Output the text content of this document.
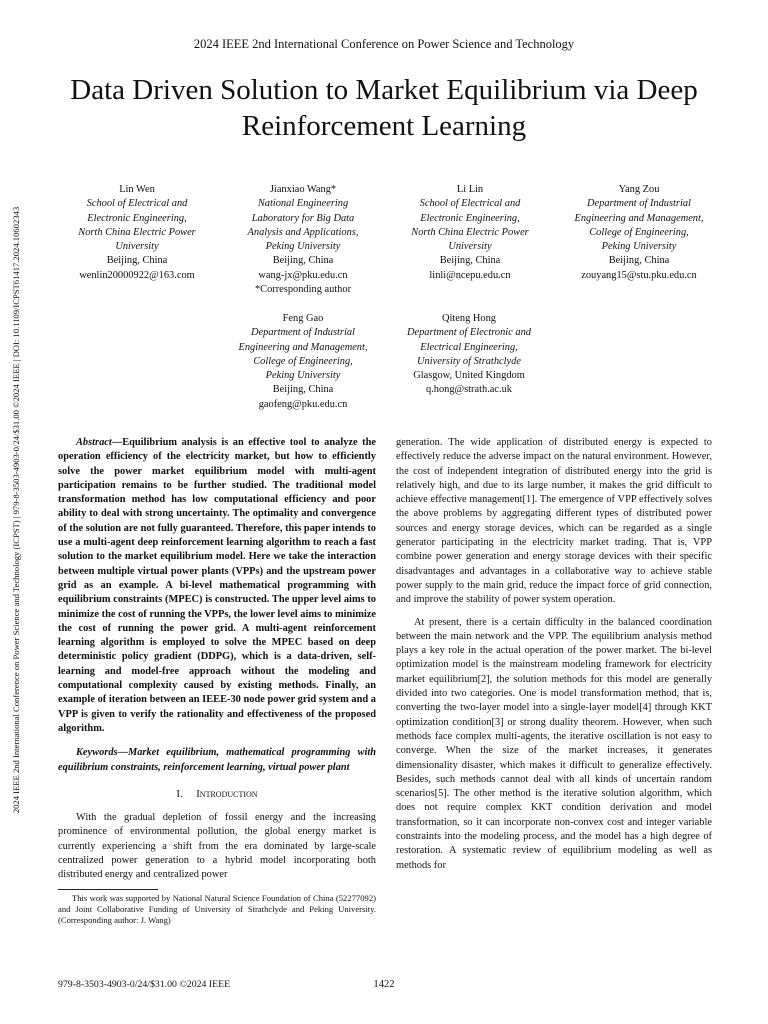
2024 IEEE 2nd International Conference on Power Science and Technology
2024 IEEE 2nd International Conference on Power Science and Technology (ICPST) | 979-8-3503-4903-0/24/$31.00 ©2024 IEEE | DOI: 10.1109/ICPST61417.2024.10602343
Data Driven Solution to Market Equilibrium via Deep
Reinforcement Learning
Lin Wen
School of Electrical and
Electronic Engineering,
North China Electric Power
University
Beijing, China
wenlin20000922@163.com
Jianxiao Wang*
National Engineering
Laboratory for Big Data
Analysis and Applications,
Peking University
Beijing, China
wang-jx@pku.edu.cn
*Corresponding author
Li Lin
School of Electrical and
Electronic Engineering,
North China Electric Power
University
Beijing, China
linli@ncepu.edu.cn
Yang Zou
Department of Industrial
Engineering and Management,
College of Engineering,
Peking University
Beijing, China
zouyang15@stu.pku.edu.cn
Feng Gao
Department of Industrial
Engineering and Management,
College of Engineering,
Peking University
Beijing, China
gaofeng@pku.edu.cn
Qiteng Hong
Department of Electronic and
Electrical Engineering,
University of Strathclyde
Glasgow, United Kingdom
q.hong@strath.ac.uk

Abstract—Equilibrium analysis is an effective tool to analyze the operation efficiency of the electricity market, but how to efficiently solve the power market equilibrium model with multi-agent participation remains to be further studied. The traditional model transformation method has low computational efficiency and poor ability to deal with strong uncertainty. The optimality and convergence of the solution are not fully guaranteed. Therefore, this paper intends to use a multi-agent deep reinforcement learning algorithm to reach a fast solution to the market equilibrium model. Here we take the interaction between multiple virtual power plants (VPPs) and the upstream power grid as an example. A bi-level mathematical programming with equilibrium constraints (MPEC) is constructed. The upper level aims to minimize the cost of running the VPPs, the lower level aims to minimize the cost of running the power grid. A multi-agent reinforcement learning algorithm is employed to solve the MPEC based on deep deterministic policy gradient (DDPG), which is a data-driven, self-learning and model-free approach without the modeling and computational complexity caused by existing methods. Finally, an example of iteration between an IEEE-30 node power grid system and a VPP is given to verify the rationality and effectiveness of the proposed algorithm.

Keywords—Market equilibrium, mathematical programming with equilibrium constraints, reinforcement learning, virtual power plant

I. Introduction

With the gradual depletion of fossil energy and the increasing prominence of environmental pollution, the global energy market is currently experiencing a shift from the era dominated by large-scale centralized power generation to a hybrid model incorporating both distributed energy and centralized power

This work was supported by National Natural Science Foundation of China (52277092) and Joint Collaborative Funding of University of Strathclyde and Peking University. (Corresponding author: J. Wang)

generation. The wide application of distributed energy is expected to effectively reduce the adverse impact on the natural environment. However, the cost of independent integration of distributed energy into the grid is relatively high, and due to its large number, it makes the grid difficult to achieve effective management[1]. The emergence of VPP effectively solves the above problems by aggregating different types of distributed power sources and energy storage devices, which can be regarded as a single generator participating in the electricity market trading. That is, VPP combine power generation and energy storage devices with their specific disadvantages and advantages in a collaborative way to achieve stable power supply to the main grid, reduce the impact force of grid connection, and improve the stability of power system operation.

At present, there is a certain difficulty in the balanced coordination between the main network and the VPP. The equilibrium analysis method plays a key role in the actual operation of the power market. The bi-level optimization model is the mainstream modeling framework for electricity market equilibrium[2], the solution methods for this model are generally divided into two categories. One is model transformation method, that is, converting the two-layer model into a single-layer model[4] through KKT optimization condition[3] or strong duality theorem. However, when such methods face complex multi-agents, the iterative oscillation is not easy to converge. When the size of the market increases, it generates dimensionality disaster, which makes it difficult to generalize effectively. Besides, such methods cannot deal with all kinds of uncertain random scenarios[5]. The other method is the iterative solution algorithm, which does not require complex KKT condition derivation and model transformation, so it can incorporate non-convex cost and integer variable constraints into the modeling process, and the model has a high degree of restoration. A systematic review of equilibrium modeling as well as methods for

979-8-3503-4903-0/24/$31.00 ©2024 IEEE	1422
